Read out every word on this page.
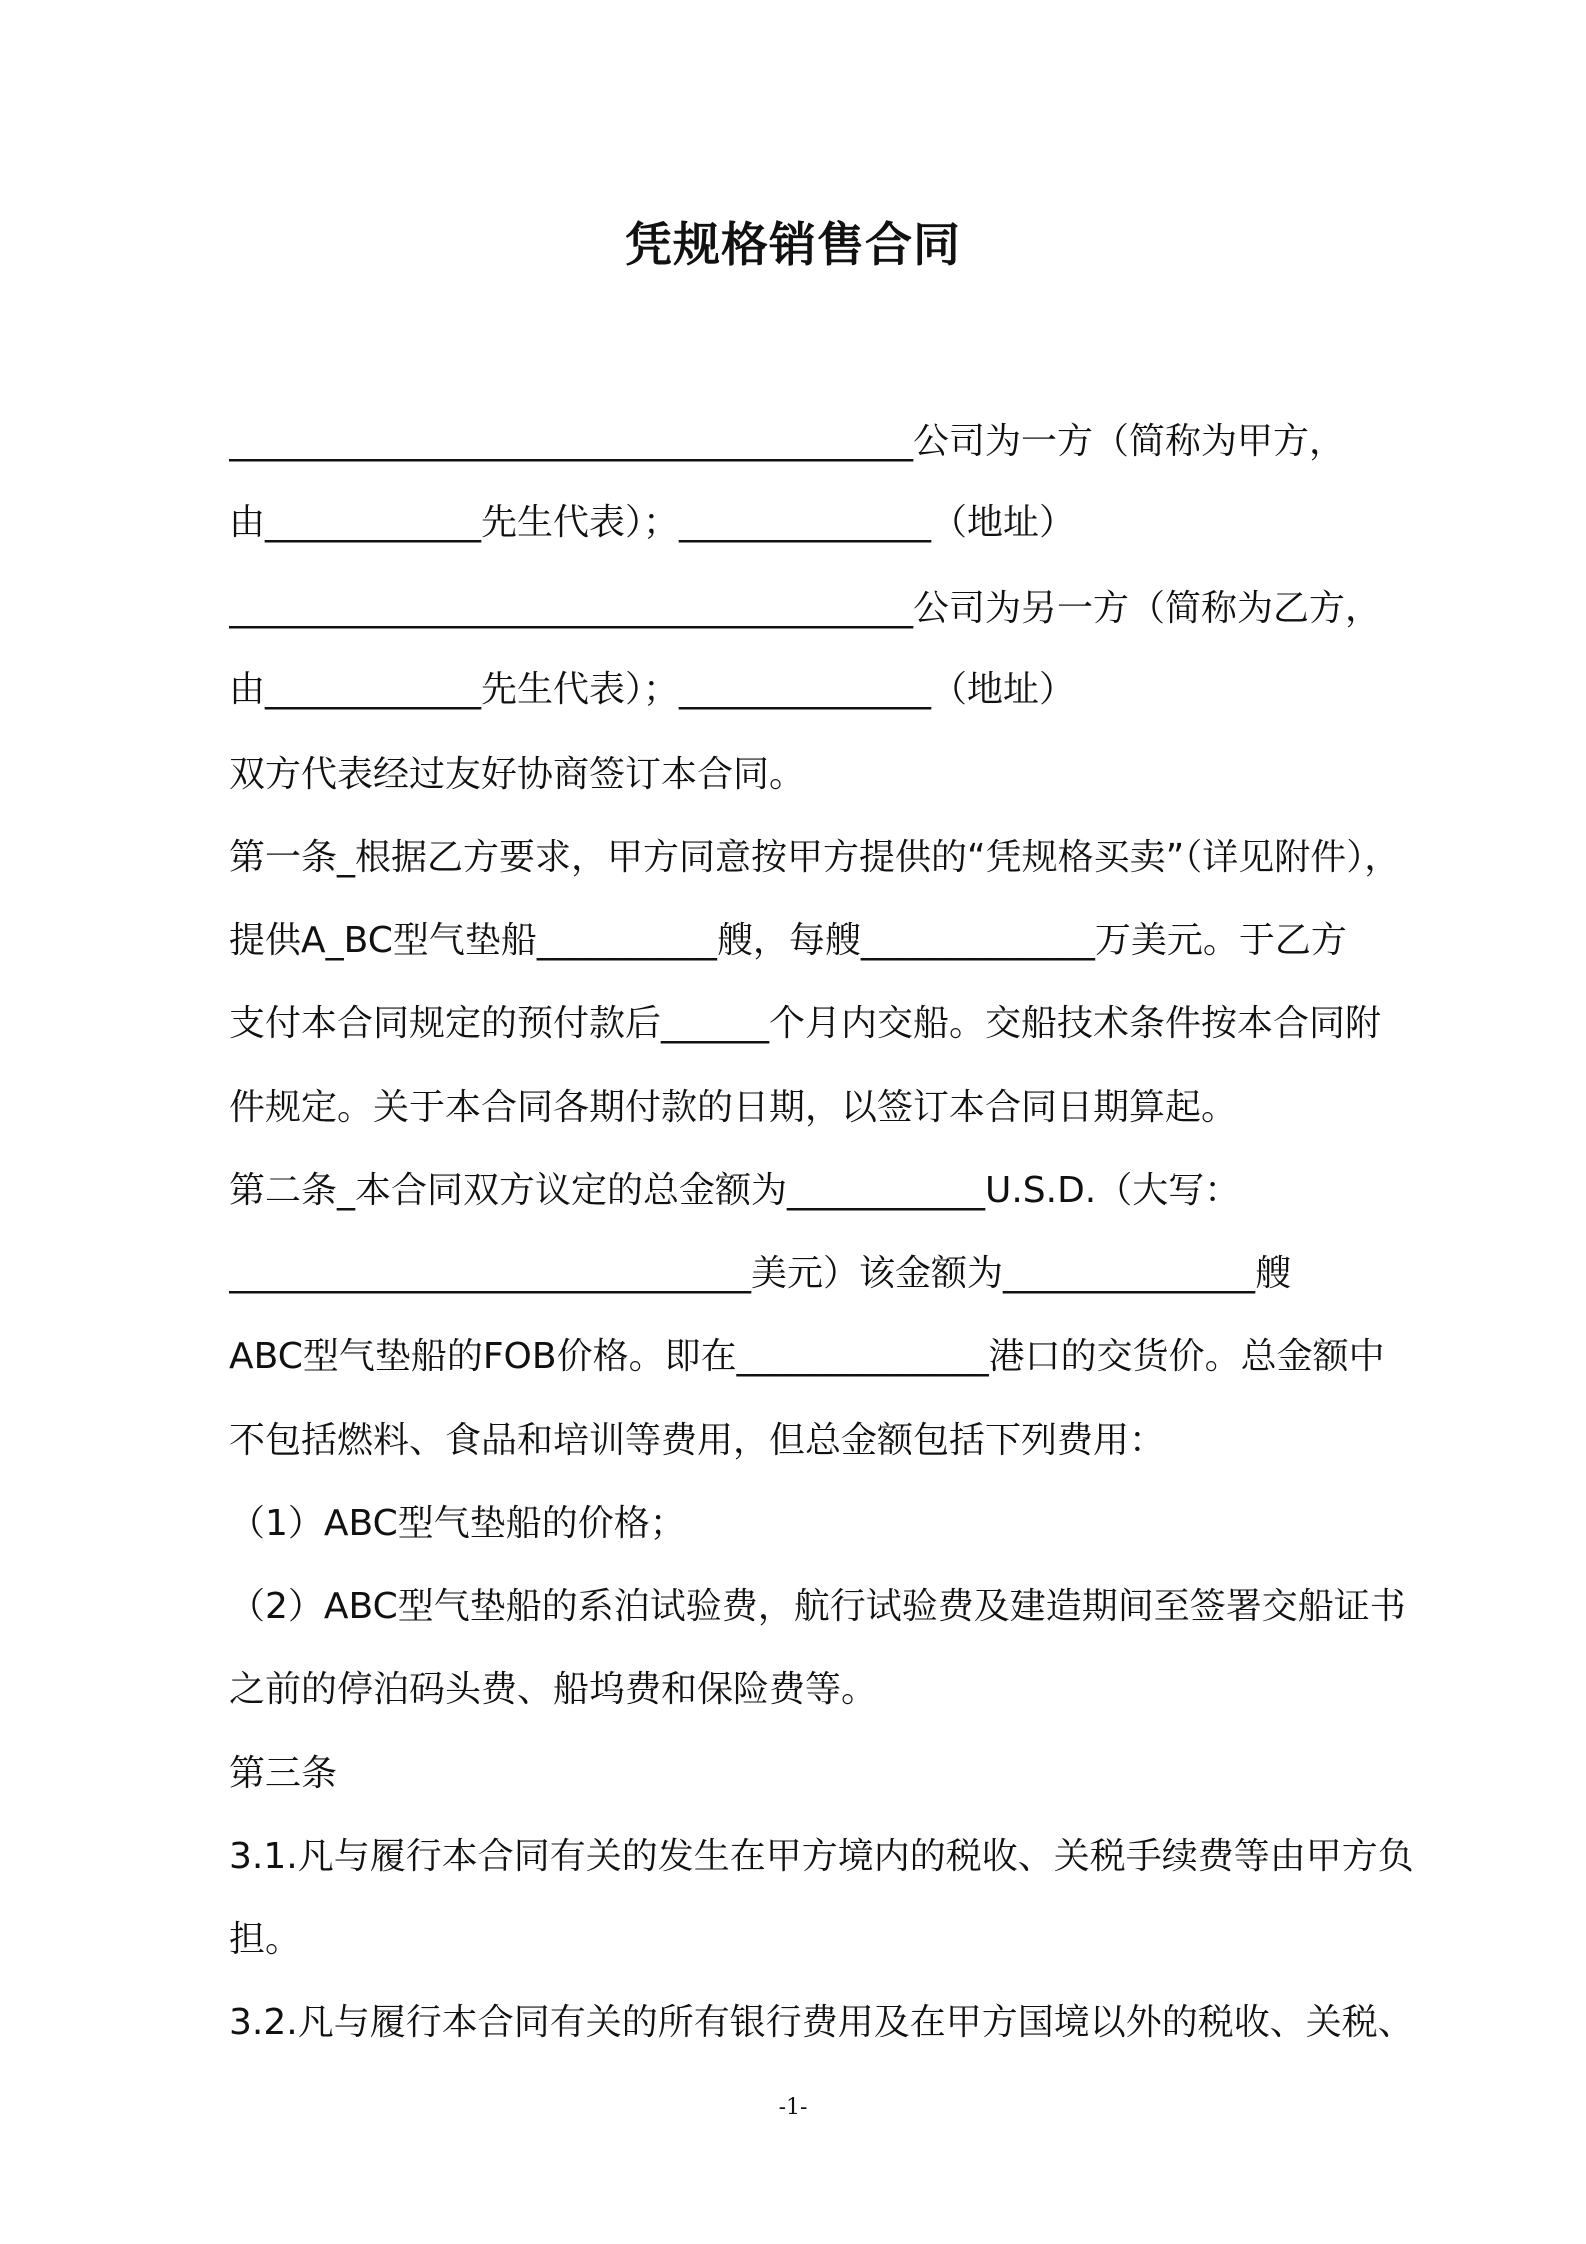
凭规格销售合同
______________________________________公司为一方（简称为甲方，
由____________先生代表）；______________（地址）
______________________________________公司为另一方（简称为乙方，
由____________先生代表）；______________（地址）
双方代表经过友好协商签订本合同。
第一条_根据乙方要求，甲方同意按甲方提供的“凭规格买卖”（详见附件），
提供A_BC型气垫船__________艘，每艘_____________万美元。于乙方
支付本合同规定的预付款后______个月内交船。交船技术条件按本合同附
件规定。关于本合同各期付款的日期，以签订本合同日期算起。
第二条_本合同双方议定的总金额为___________U.S.D.（大写：
_____________________________美元）该金额为______________艘
ABC型气垫船的FOB价格。即在______________港口的交货价。总金额中
不包括燃料、食品和培训等费用，但总金额包括下列费用：
（1）ABC型气垫船的价格；
（2）ABC型气垫船的系泊试验费，航行试验费及建造期间至签署交船证书
之前的停泊码头费、船坞费和保险费等。
第三条
3.1.凡与履行本合同有关的发生在甲方境内的税收、关税手续费等由甲方负
担。
3.2.凡与履行本合同有关的所有银行费用及在甲方国境以外的税收、关税、
-1-
